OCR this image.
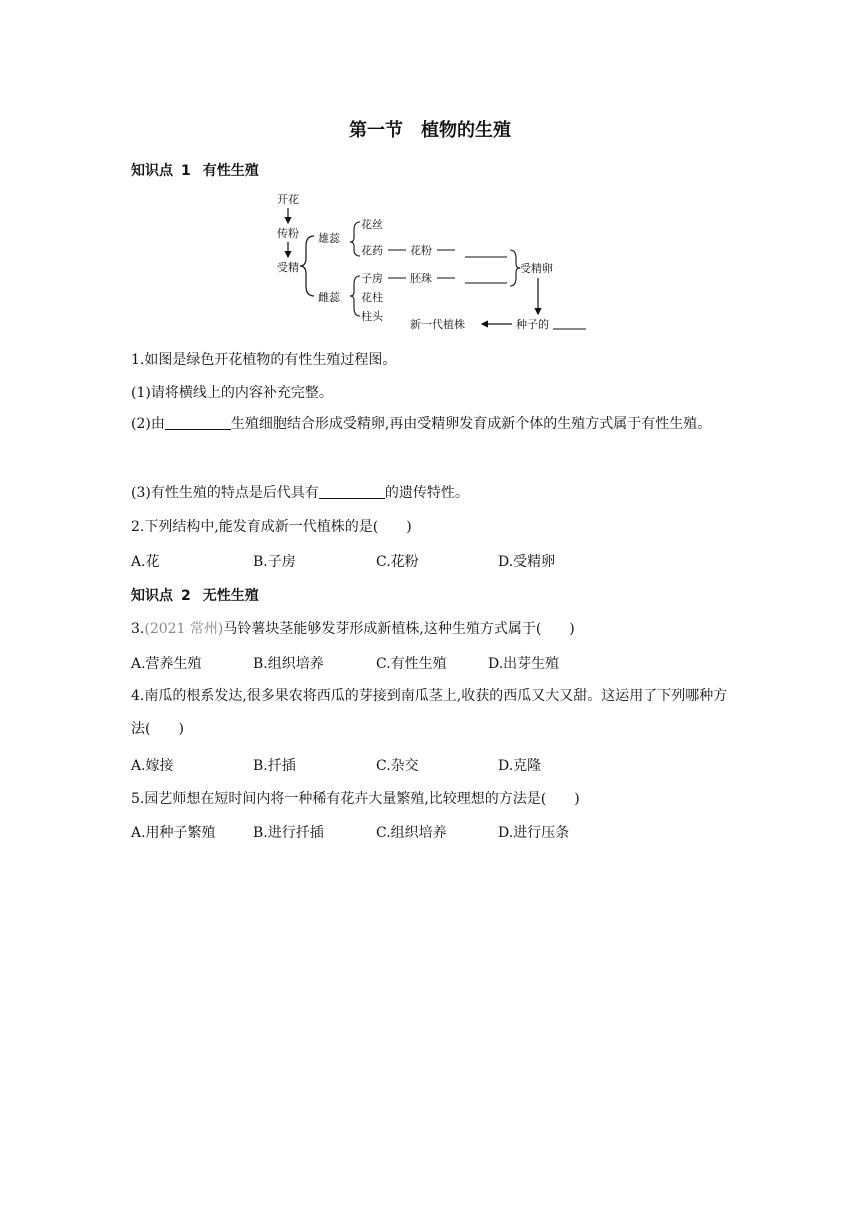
第一节　植物的生殖
知识点 1 有性生殖
开花
传粉
受精
雄蕊
花丝
花药 花粉
雌蕊
子房
花柱
柱头
胚珠
受精卵
种子的
新一代植株
1.如图是绿色开花植物的有性生殖过程图。
(1)请将横线上的内容补充完整。
(2)由	生殖细胞结合形成受精卵,再由受精卵发育成新个体的生殖方式属于有性生殖。
(3)有性生殖的特点是后代具有	的遗传特性。
2.下列结构中,能发育成新一代植株的是(　　)
A.花	B.子房	C.花粉	D.受精卵
知识点 2 无性生殖
3.(2021 常州)马铃薯块茎能够发芽形成新植株,这种生殖方式属于(　　)
A.营养生殖	B.组织培养	C.有性生殖	D.出芽生殖
4.南瓜的根系发达,很多果农将西瓜的芽接到南瓜茎上,收获的西瓜又大又甜。这运用了下列哪种方法(　　)
A.嫁接	B.扦插	C.杂交	D.克隆
5.园艺师想在短时间内将一种稀有花卉大量繁殖,比较理想的方法是(　　)
A.用种子繁殖	B.进行扦插	C.组织培养	D.进行压条
